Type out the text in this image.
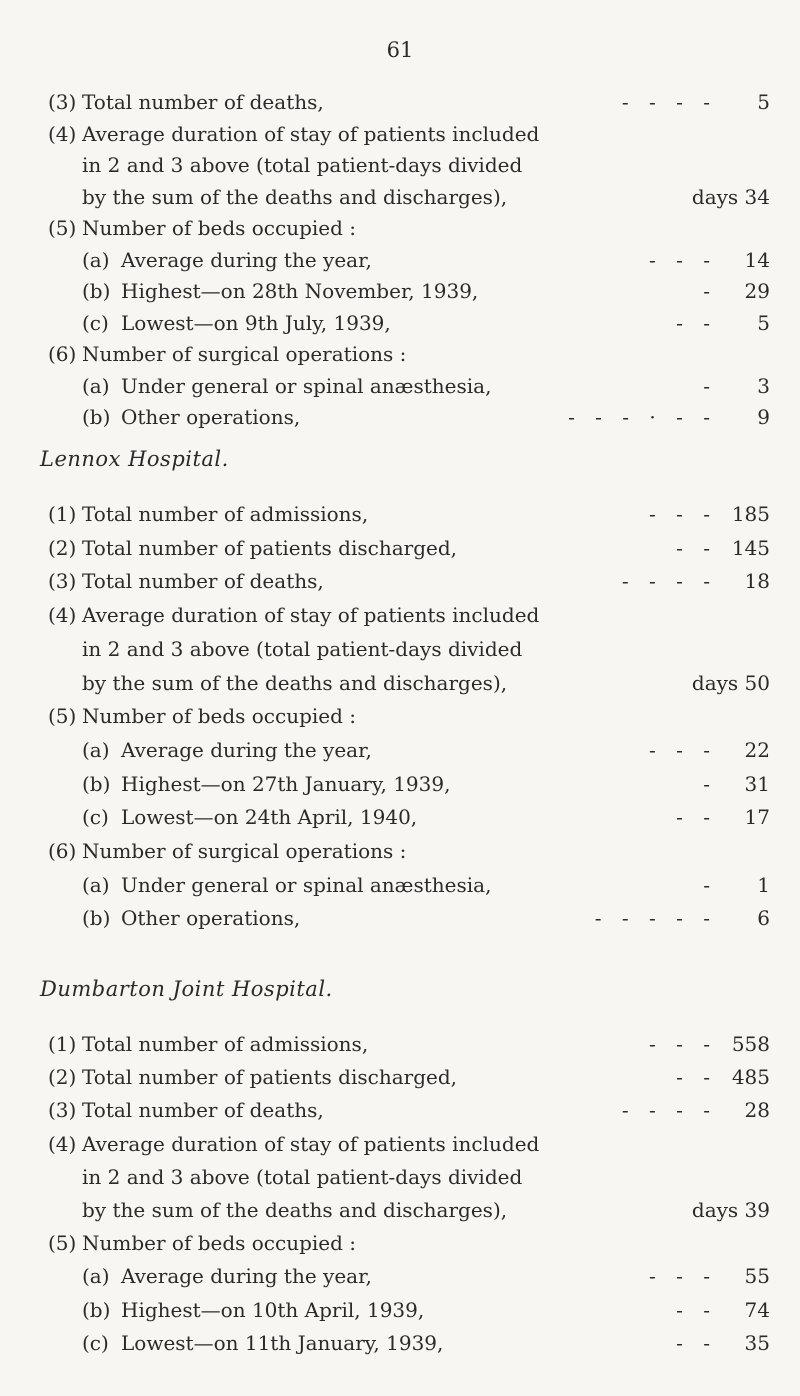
61
(3) Total number of deaths,	- - - - 5
(4) Average duration of stay of patients included
in 2 and 3 above (total patient-days divided
by the sum of the deaths and discharges),	days 34
(5) Number of beds occupied :
(a) Average during the year,	- - - 14
(b) Highest—on 28th November, 1939,	- 29
(c) Lowest—on 9th July, 1939,	- - 5
(6) Number of surgical operations :
(a) Under general or spinal anæsthesia,	- 3
(b) Other operations,	- - - · - - 9
Lennox Hospital.
(1) Total number of admissions,	- - - 185
(2) Total number of patients discharged,	- - 145
(3) Total number of deaths,	- - - - 18
(4) Average duration of stay of patients included
in 2 and 3 above (total patient-days divided
by the sum of the deaths and discharges),	days 50
(5) Number of beds occupied :
(a) Average during the year,	- - - 22
(b) Highest—on 27th January, 1939,	- 31
(c) Lowest—on 24th April, 1940,	- - 17
(6) Number of surgical operations :
(a) Under general or spinal anæsthesia,	- 1
(b) Other operations,	- - - - - 6
Dumbarton Joint Hospital.
(1) Total number of admissions,	- - - 558
(2) Total number of patients discharged,	- - 485
(3) Total number of deaths,	- - - - 28
(4) Average duration of stay of patients included
in 2 and 3 above (total patient-days divided
by the sum of the deaths and discharges),	days 39
(5) Number of beds occupied :
(a) Average during the year,	- - - 55
(b) Highest—on 10th April, 1939,	- - 74
(c) Lowest—on 11th January, 1939,	- - 35
